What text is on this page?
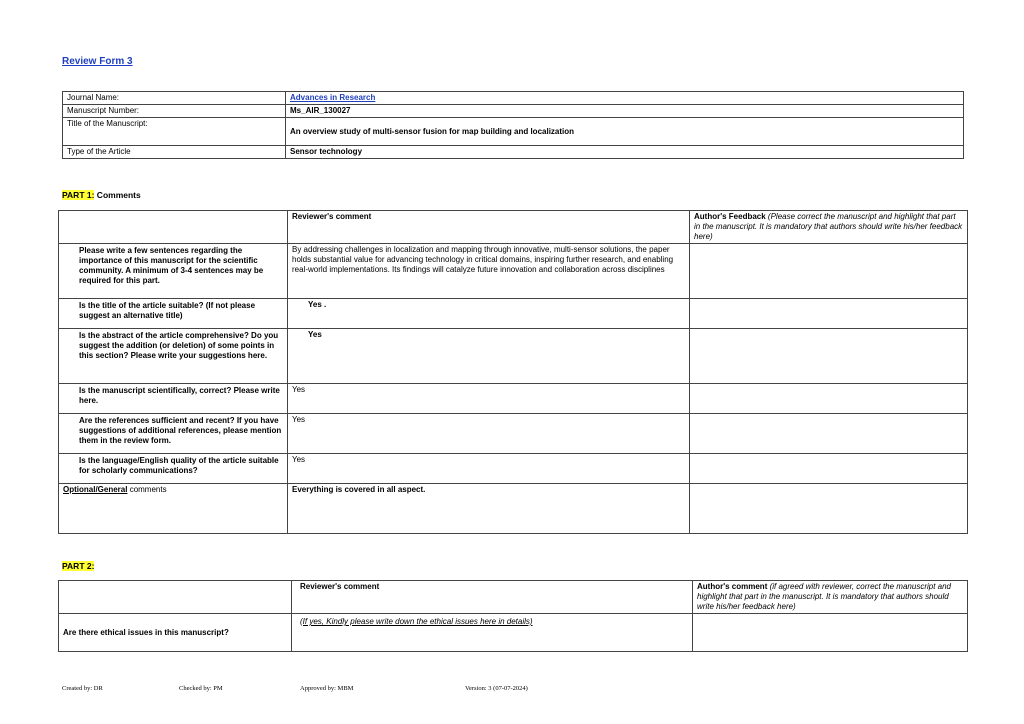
Review Form 3
Journal Name:	Advances in Research
Manuscript Number:	Ms_AIR_130027
Title of the Manuscript:	An overview study of multi-sensor fusion for map building and localization
Type of the Article	Sensor technology
PART 1: Comments
	Reviewer's comment	Author's Feedback (Please correct the manuscript and highlight that part in the manuscript. It is mandatory that authors should write his/her feedback here)
Please write a few sentences regarding the importance of this manuscript for the scientific community. A minimum of 3-4 sentences may be required for this part.	By addressing challenges in localization and mapping through innovative, multi-sensor solutions, the paper holds substantial value for advancing technology in critical domains, inspiring further research, and enabling real-world implementations. Its findings will catalyze future innovation and collaboration across disciplines	
Is the title of the article suitable? (If not please suggest an alternative title)	Yes .	
Is the abstract of the article comprehensive? Do you suggest the addition (or deletion) of some points in this section? Please write your suggestions here.	Yes	
Is the manuscript scientifically, correct? Please write here.	Yes	
Are the references sufficient and recent? If you have suggestions of additional references, please mention them in the review form.	Yes	
Is the language/English quality of the article suitable for scholarly communications?	Yes	
Optional/General comments	Everything is covered in all aspect.	
PART 2:
	Reviewer's comment	Author's comment (if agreed with reviewer, correct the manuscript and highlight that part in the manuscript. It is mandatory that authors should write his/her feedback here)
Are there ethical issues in this manuscript?	(If yes, Kindly please write down the ethical issues here in details)	
Created by: DR	Checked by: PM	Approved by: MBM	Version: 3 (07-07-2024)
